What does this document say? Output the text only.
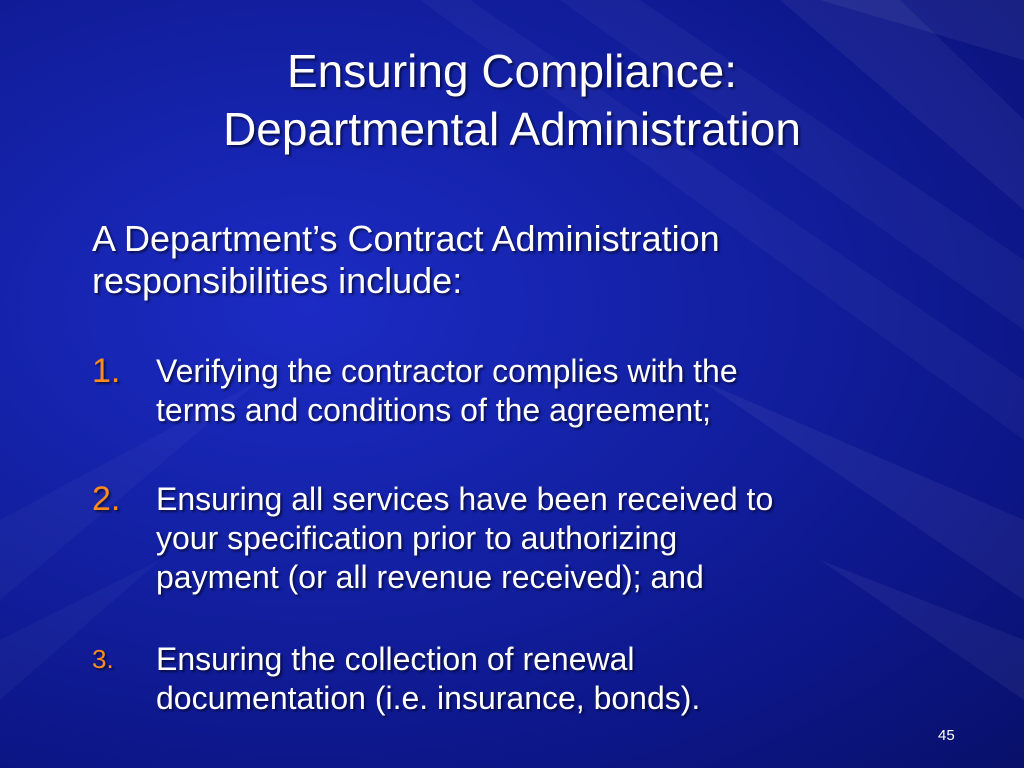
Ensuring Compliance:
Departmental Administration
A Department’s Contract Administration
responsibilities include:
1.	Verifying the contractor complies with the
terms and conditions of the agreement;
2.	Ensuring all services have been received to
your specification prior to authorizing
payment (or all revenue received); and
3.	Ensuring the collection of renewal
documentation (i.e. insurance, bonds).
45
